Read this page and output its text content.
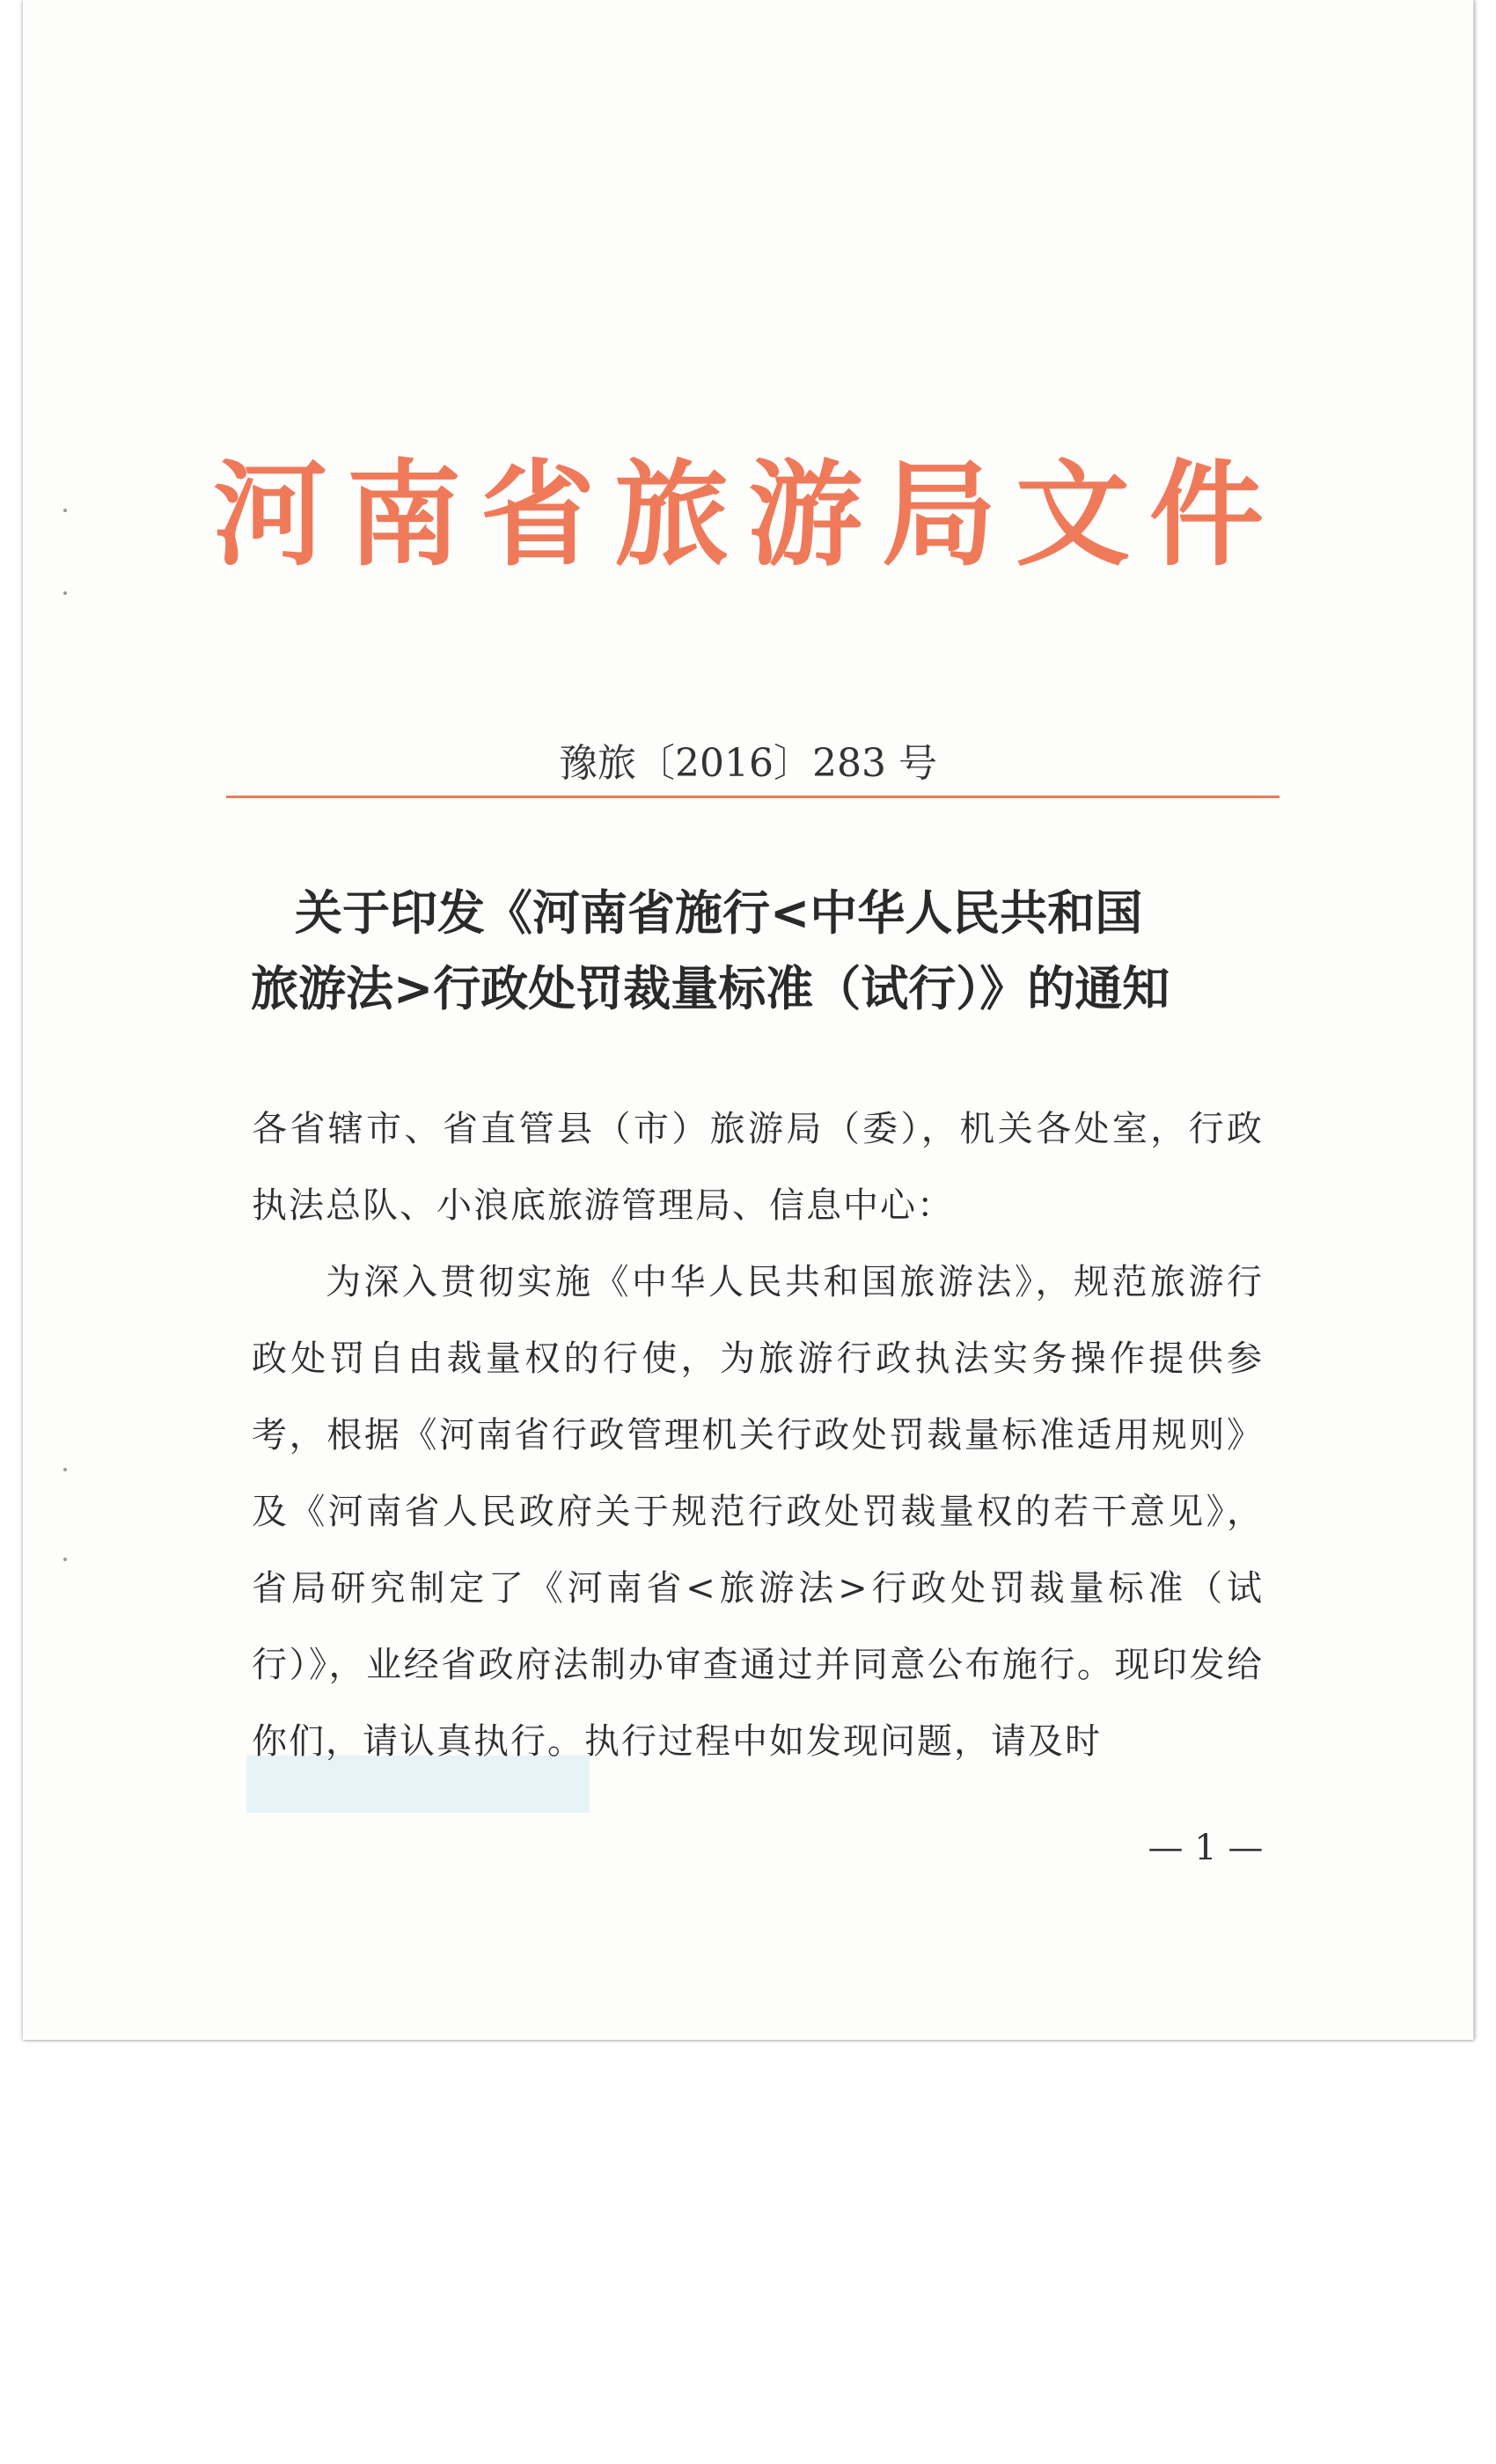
河南省旅游局文件
豫旅〔2016〕283 号
关于印发《河南省施行<中华人民共和国
旅游法>行政处罚裁量标准（试行）》的通知
各省辖市、省直管县（市）旅游局（委），机关各处室，行政执法总队、小浪底旅游管理局、信息中心：
为深入贯彻实施《中华人民共和国旅游法》，规范旅游行政处罚自由裁量权的行使，为旅游行政执法实务操作提供参考，根据《河南省行政管理机关行政处罚裁量标准适用规则》及《河南省人民政府关于规范行政处罚裁量权的若干意见》，省局研究制定了《河南省<旅游法>行政处罚裁量标准（试行）》，业经省政府法制办审查通过并同意公布施行。现印发给你们，请认真执行。执行过程中如发现问题，请及时
— 1 —
